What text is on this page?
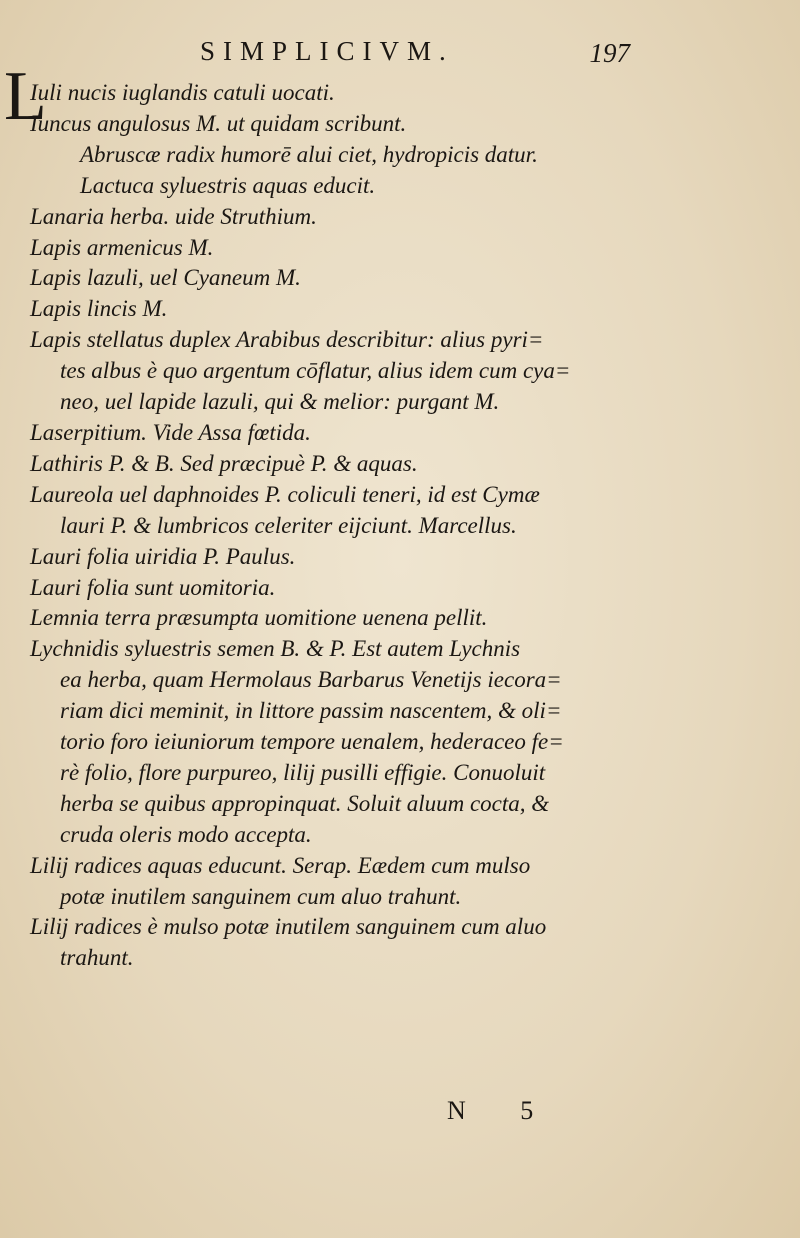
SIMPLICIVM.	197
L
Iuli nucis iuglandis catuli uocati.
Iuncus angulosus M. ut quidam scribunt.
Abruscæ radix humorē alui ciet, hydropicis datur.
Lactuca syluestris aquas educit.
Lanaria herba. uide Struthium.
Lapis armenicus M.
Lapis lazuli, uel Cyaneum M.
Lapis lincis M.
Lapis stellatus duplex Arabibus describitur: alius pyri=
tes albus è quo argentum cōflatur, alius idem cum cya=
neo, uel lapide lazuli, qui & melior: purgant M.
Laserpitium. Vide Assa fœtida.
Lathiris P. & B. Sed præcipuè P. & aquas.
Laureola uel daphnoides P. coliculi teneri, id est Cymæ
lauri P. & lumbricos celeriter eijciunt. Marcellus.
Lauri folia uiridia P. Paulus.
Lauri folia sunt uomitoria.
Lemnia terra præsumpta uomitione uenena pellit.
Lychnidis syluestris semen B. & P. Est autem Lychnis
ea herba, quam Hermolaus Barbarus Venetijs iecora=
riam dici meminit, in littore passim nascentem, & oli=
torio foro ieiuniorum tempore uenalem, hederaceo fe=
rè folio, flore purpureo, lilij pusilli effigie. Conuoluit
herba se quibus appropinquat. Soluit aluum cocta, &
cruda oleris modo accepta.
Lilij radices aquas educunt. Serap. Eædem cum mulso
potæ inutilem sanguinem cum aluo trahunt.
Lilij radices è mulso potæ inutilem sanguinem cum aluo
trahunt.
N 5
